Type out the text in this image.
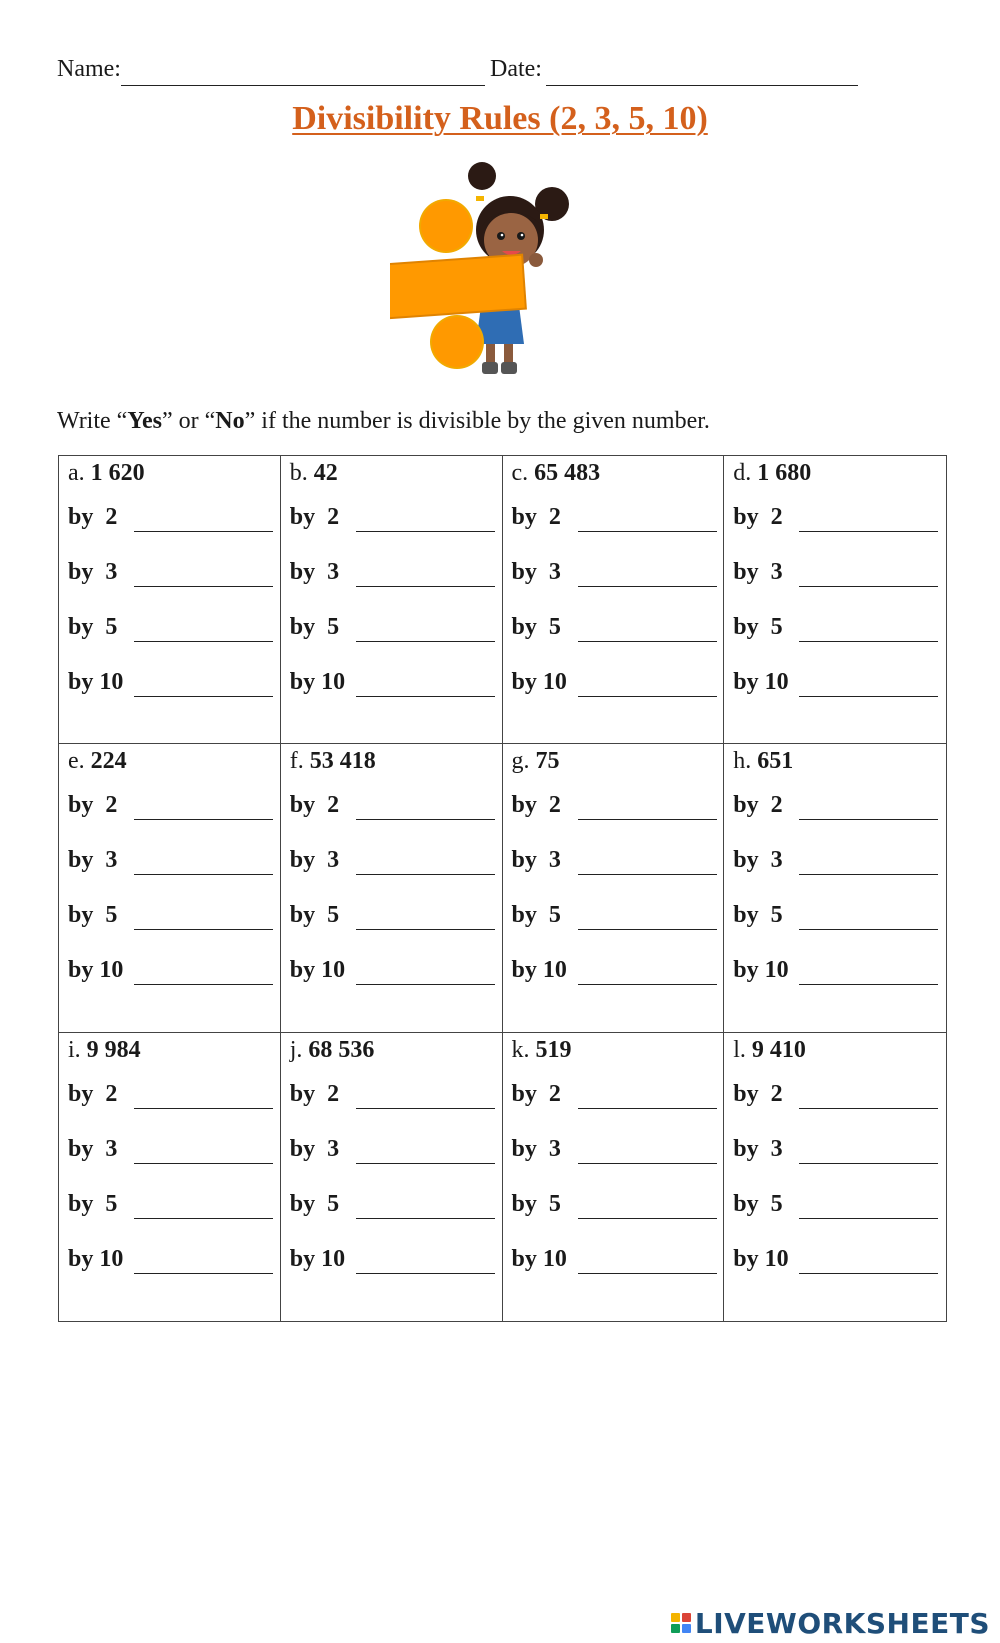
Name:	Date:
Divisibility Rules (2, 3, 5, 10)
Write “Yes” or “No” if the number is divisible by the given number.
a. 1 620
by  2
by  3
by  5
by 10
b. 42
by  2
by  3
by  5
by 10
c. 65 483
by  2
by  3
by  5
by 10
d. 1 680
by  2
by  3
by  5
by 10
e. 224
by  2
by  3
by  5
by 10
f. 53 418
by  2
by  3
by  5
by 10
g. 75
by  2
by  3
by  5
by 10
h. 651
by  2
by  3
by  5
by 10
i. 9 984
by  2
by  3
by  5
by 10
j. 68 536
by  2
by  3
by  5
by 10
k. 519
by  2
by  3
by  5
by 10
l. 9 410
by  2
by  3
by  5
by 10
LIVEWORKSHEETS
